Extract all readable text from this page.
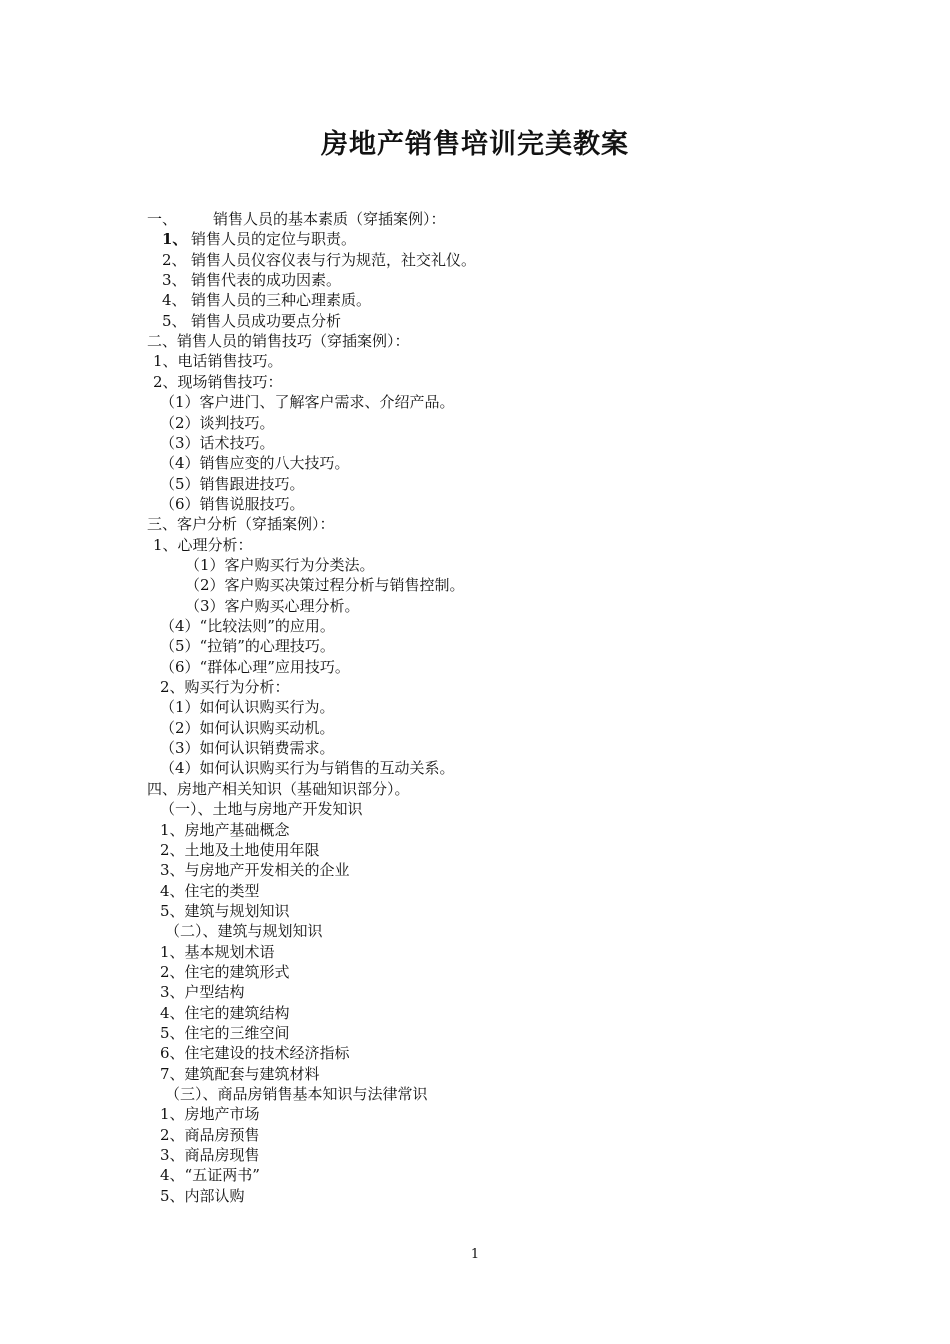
房地产销售培训完美教案
一、 销售人员的基本素质（穿插案例）：
1、 销售人员的定位与职责。
2、 销售人员仪容仪表与行为规范，社交礼仪。
3、 销售代表的成功因素。
4、 销售人员的三种心理素质。
5、 销售人员成功要点分析
二、销售人员的销售技巧（穿插案例）：
1、电话销售技巧。
2、现场销售技巧：
（1）客户进门、了解客户需求、介绍产品。
（2）谈判技巧。
（3）话术技巧。
（4）销售应变的八大技巧。
（5）销售跟进技巧。
（6）销售说服技巧。
三、客户分析（穿插案例）：
1、心理分析：
（1）客户购买行为分类法。
（2）客户购买决策过程分析与销售控制。
（3）客户购买心理分析。
（4）“比较法则”的应用。
（5）“拉销”的心理技巧。
（6）“群体心理”应用技巧。
2、购买行为分析：
（1）如何认识购买行为。
（2）如何认识购买动机。
（3）如何认识销费需求。
（4）如何认识购买行为与销售的互动关系。
四、房地产相关知识（基础知识部分）。
（一）、土地与房地产开发知识
1、房地产基础概念
2、土地及土地使用年限
3、与房地产开发相关的企业
4、住宅的类型
5、建筑与规划知识
（二）、建筑与规划知识
1、基本规划术语
2、住宅的建筑形式
3、户型结构
4、住宅的建筑结构
5、住宅的三维空间
6、住宅建设的技术经济指标
7、建筑配套与建筑材料
（三）、商品房销售基本知识与法律常识
1、房地产市场
2、商品房预售
3、商品房现售
4、“五证两书”
5、内部认购
1
